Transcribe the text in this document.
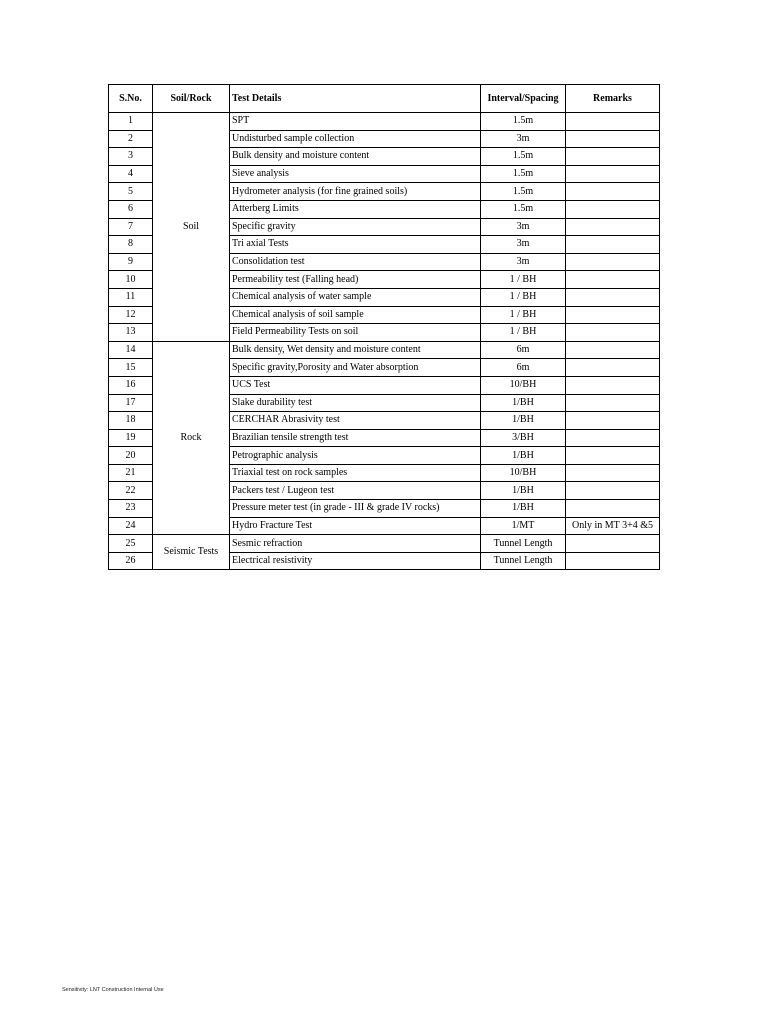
S.No.	Soil/Rock	Test Details	Interval/Spacing	Remarks
1	Soil	SPT	1.5m	
2		Undisturbed sample collection	3m	
3		Bulk density and moisture content	1.5m	
4		Sieve analysis	1.5m	
5		Hydrometer analysis (for fine grained soils)	1.5m	
6		Atterberg Limits	1.5m	
7		Specific gravity	3m	
8		Tri axial Tests	3m	
9		Consolidation test	3m	
10		Permeability test (Falling head)	1 / BH	
11		Chemical analysis of water sample	1 / BH	
12		Chemical analysis of soil sample	1 / BH	
13		Field Permeability Tests on soil	1 / BH	
14	Rock	Bulk density, Wet density and moisture content	6m	
15		Specific gravity,Porosity and Water absorption	6m	
16		UCS Test	10/BH	
17		Slake durability test	1/BH	
18		CERCHAR Abrasivity test	1/BH	
19		Brazilian tensile strength test	3/BH	
20		Petrographic analysis	1/BH	
21		Triaxial test on rock samples	10/BH	
22		Packers test / Lugeon test	1/BH	
23		Pressure meter test (in grade - III & grade IV rocks)	1/BH	
24		Hydro Fracture Test	1/MT	Only in MT 3+4 &5
25	Seismic Tests	Sesmic refraction	Tunnel Length	
26		Electrical resistivity	Tunnel Length	
Sensitivity: LNT Construction Internal Use
